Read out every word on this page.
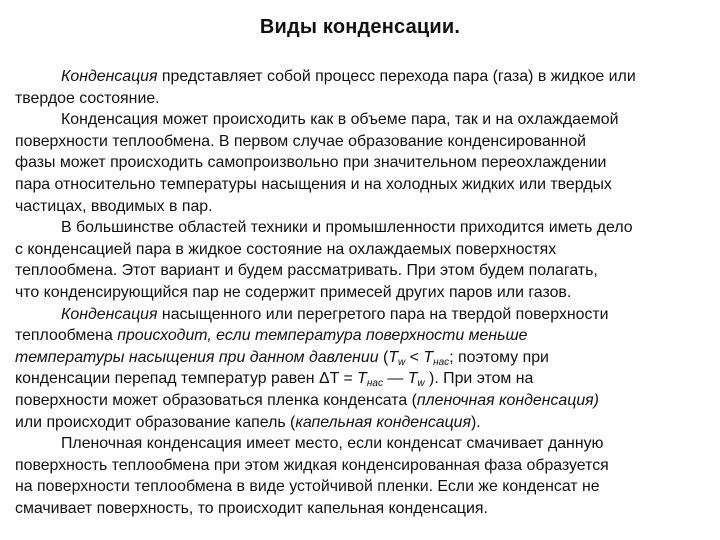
Виды конденсации.

Конденсация представляет собой процесс перехода пара (газа) в жидкое или
твердое состояние.

Конденсация может происходить как в объеме пара, так и на охлаждаемой
поверхности теплообмена. В первом случае образование конденсированной
фазы может происходить самопроизвольно при значительном переохлаждении
пара относительно температуры насыщения и на холодных жидких или твердых
частицах, вводимых в пар.

В большинстве областей техники и промышленности приходится иметь дело
с конденсацией пара в жидкое состояние на охлаждаемых поверхностях
теплообмена. Этот вариант и будем рассматривать. При этом будем полагать,
что конденсирующийся пар не содержит примесей других паров или газов.

Конденсация насыщенного или перегретого пара на твердой поверхности
теплообмена происходит, если температура поверхности меньше
температуры насыщения при данном давлении ($T_w < T_{нас}$; поэтому при
конденсации перепад температур равен $\Delta T = T_{нас}$ — $T_w$ ). При этом на
поверхности может образоваться пленка конденсата (пленочная конденсация)
или происходит образование капель (капельная конденсация).

Пленочная конденсация имеет место, если конденсат смачивает данную
поверхность теплообмена при этом жидкая конденсированная фаза образуется
на поверхности теплообмена в виде устойчивой пленки. Если же конденсат не
смачивает поверхность, то происходит капельная конденсация.
